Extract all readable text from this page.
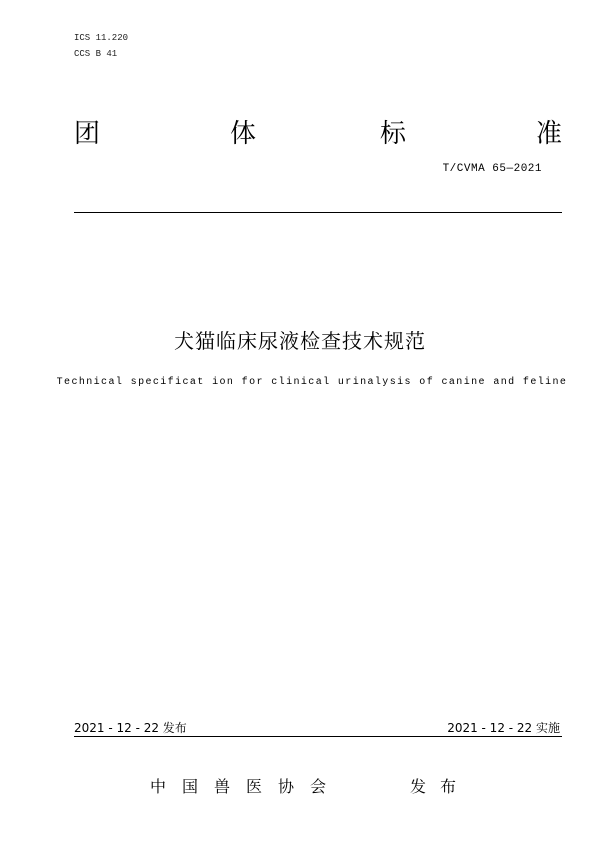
ICS 11.220
CCS B 41
团	体	标	准
T/CVMA 65—2021
犬猫临床尿液检查技术规范
Technical specificat ion for clinical urinalysis of canine and feline
2021 - 12 - 22 发布	2021 - 12 - 22 实施
中国兽医协会	发布
